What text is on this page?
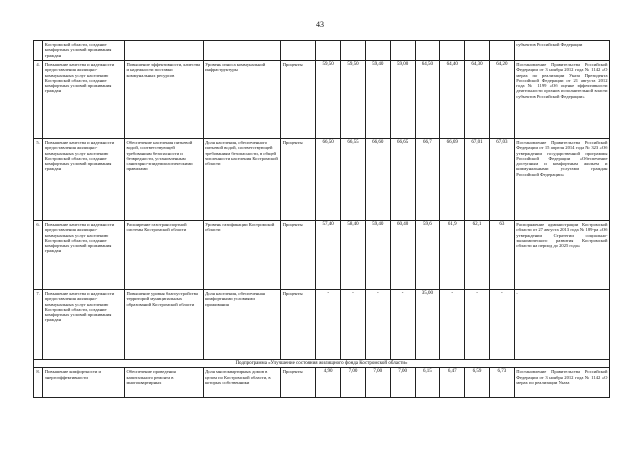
43
	Костромской области, создание комфортных условий проживания граждан												субъектов Российской Федерации
4.	Повышение качества и надежности предоставления жилищно-коммунальных услуг населению Костромской области, создание комфортных условий проживания граждан	Повышение эффективности, качества и надежности поставки коммунальных ресурсов	Уровень износа коммунальной инфраструктуры	Проценты	59,50	59,50	59,40	59,00	64,50	64,40	64,30	64,20	Постановление Правительства Российской Федерации от 3 ноября 2012 года № 1142 «О мерах по реализации Указа Президента Российской Федерации от 21 августа 2012 года № 1199 «Об оценке эффективности деятельности органов исполнительной власти субъектов Российской Федерации»
5.	Повышение качества и надежности предоставления жилищно-коммунальных услуг населению Костромской области, создание комфортных условий проживания граждан	Обеспечение населения питьевой водой, соответствующей требованиям безопасности и безвредности, установленным санитарно-эпидемиологическими правилами	Доля населения, обеспеченного питьевой водой, соответствующей требованиям безопасности, в общей численности населения Костромской области	Проценты	66,50	66,55	66,60	66,65	66,7	66,69	67,01	67,03	Постановление Правительства Российской Федерации от 15 апреля 2014 года № 323 «Об утверждении государственной программы Российской Федерации «Обеспечение доступным и комфортным жильем и коммунальными услугами граждан Российской Федерации»
6.	Повышение качества и надежности предоставления жилищно-коммунальных услуг населению Костромской области, создание комфортных условий проживания граждан	Расширение газотранспортной системы Костромской области	Уровень газификации Костромской области	Проценты	57,40	58,40	59,40	60,40	59,6	61,9	62,1	63	Распоряжение администрации Костромской области от 27 августа 2013 года № 189-ра «Об утверждении Стратегии социально-экономического развития Костромской области на период до 2025 года»
7.	Повышение качества и надежности предоставления жилищно-коммунальных услуг населению Костромской области, создание комфортных условий проживания граждан	Повышение уровня благоустройства территорий муниципальных образований Костромской области	Доля населения, обеспеченная комфортными условиями проживания	Проценты	-	-	-	-	35,00	-	-	-	-
Подпрограмма «Улучшение состояния жилищного фонда Костромской области»													
8.	Повышение комфортности и энергоэффективности	Обеспечение проведения капитального ремонта в многоквартирных	Доля многоквартирных домов в целом по Костромской области, в которых собственники	Проценты	4,90	7,00	7,00	7,00	6,15	6,47	6,59	6,73	Постановление Правительства Российской Федерации от 3 ноября 2012 года № 1142 «О мерах по реализации Указа
